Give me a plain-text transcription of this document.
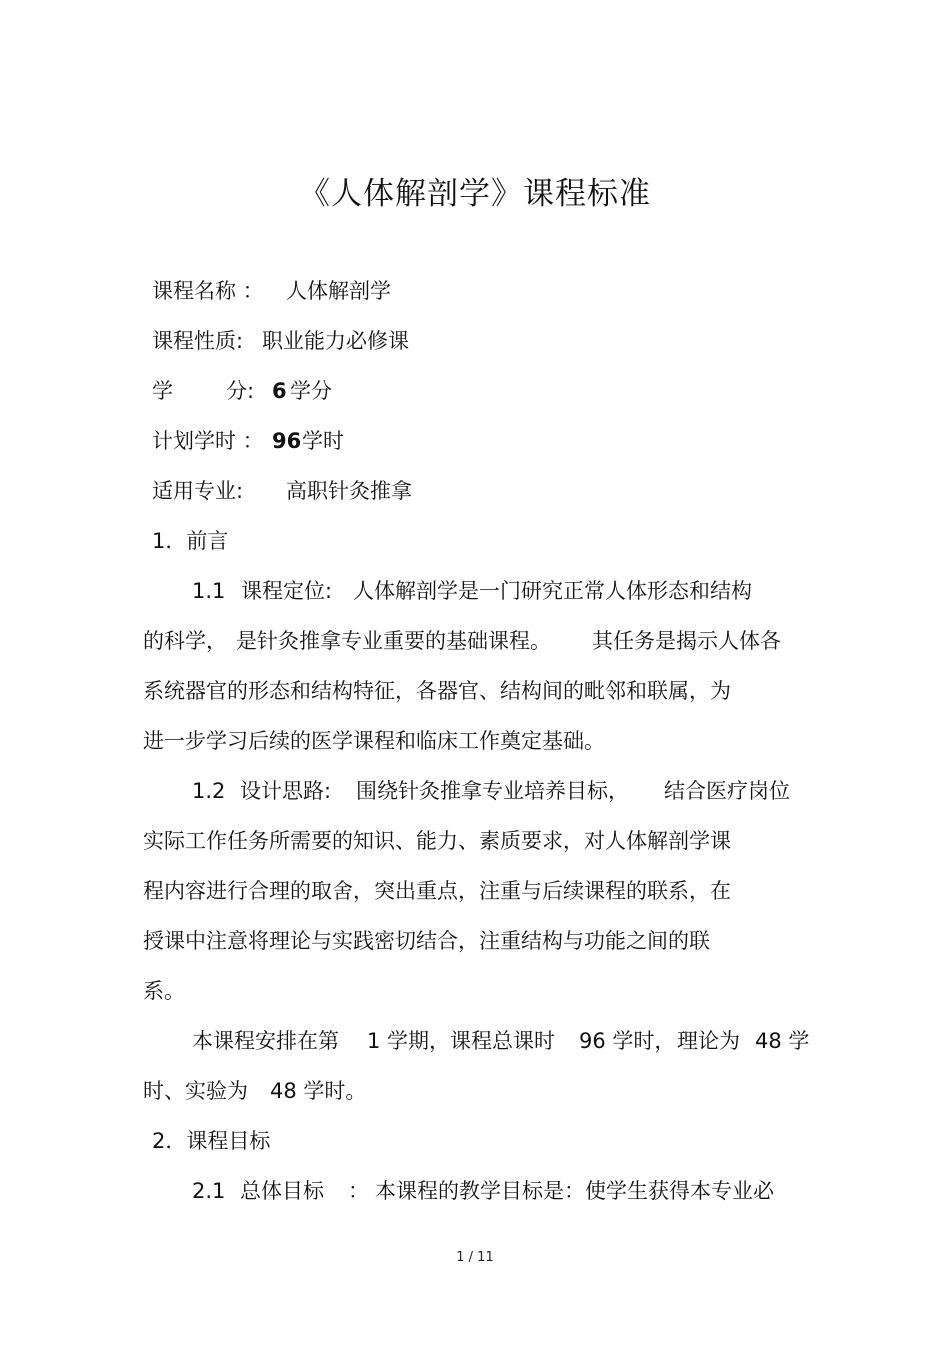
《人体解剖学》课程标准
课程名称 ： 人体解剖学
课程性质: 职业能力必修课
学	分: 6 学分
计划学时 ： 96 学时
适用专业: 高职针灸推拿
1．前言
1.1 课程定位: 人体解剖学是一门研究正常人体形态和结构
的科学， 是针灸推拿专业重要的基础课程。 其任务是揭示人体各
系统器官的形态和结构特征，各器官、结构间的毗邻和联属，为
进一步学习后续的医学课程和临床工作奠定基础。
1.2 设计思路: 围绕针灸推拿专业培养目标， 结合医疗岗位
实际工作任务所需要的知识、能力、素质要求，对人体解剖学课
程内容进行合理的取舍，突出重点，注重与后续课程的联系，在
授课中注意将理论与实践密切结合，注重结构与功能之间的联
系。
本课程安排在第 1 学期，课程总课时 96 学时， 理论为 48 学
时、实验为 48 学时。
2．课程目标
2.1 总体目标 ： 本课程的教学目标是：使学生获得本专业必
1 / 11
